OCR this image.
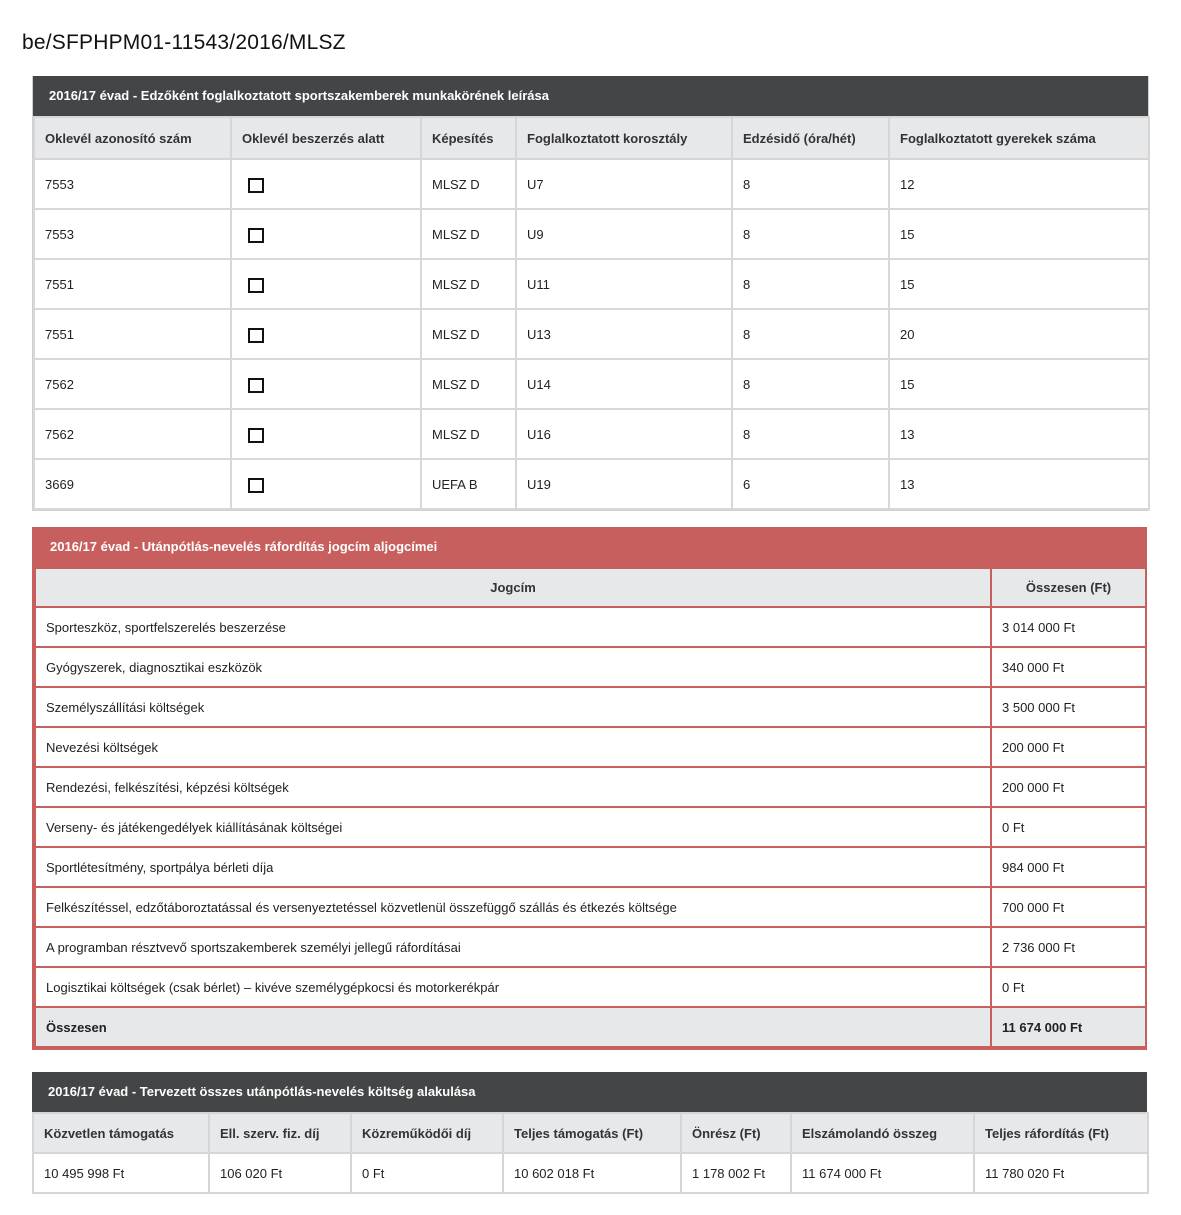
be/SFPHPM01-11543/2016/MLSZ
2016/17 évad - Edzőként foglalkoztatott sportszakemberek munkakörének leírása
Oklevél azonosító szám	Oklevél beszerzés alatt	Képesítés	Foglalkoztatott korosztály	Edzésidő (óra/hét)	Foglalkoztatott gyerekek száma
7553		MLSZ D	U7	8	12
7553		MLSZ D	U9	8	15
7551		MLSZ D	U11	8	15
7551		MLSZ D	U13	8	20
7562		MLSZ D	U14	8	15
7562		MLSZ D	U16	8	13
3669		UEFA B	U19	6	13
2016/17 évad - Utánpótlás-nevelés ráfordítás jogcím aljogcímei
Jogcím	Összesen (Ft)
Sporteszköz, sportfelszerelés beszerzése	3 014 000 Ft
Gyógyszerek, diagnosztikai eszközök	340 000 Ft
Személyszállítási költségek	3 500 000 Ft
Nevezési költségek	200 000 Ft
Rendezési, felkészítési, képzési költségek	200 000 Ft
Verseny- és játékengedélyek kiállításának költségei	0 Ft
Sportlétesítmény, sportpálya bérleti díja	984 000 Ft
Felkészítéssel, edzőtáboroztatással és versenyeztetéssel közvetlenül összefüggő szállás és étkezés költsége	700 000 Ft
A programban résztvevő sportszakemberek személyi jellegű ráfordításai	2 736 000 Ft
Logisztikai költségek (csak bérlet) – kivéve személygépkocsi és motorkerékpár	0 Ft
Összesen	11 674 000 Ft
2016/17 évad - Tervezett összes utánpótlás-nevelés költség alakulása
Közvetlen támogatás	Ell. szerv. fiz. díj	Közreműködői díj	Teljes támogatás (Ft)	Önrész (Ft)	Elszámolandó összeg	Teljes ráfordítás (Ft)
10 495 998 Ft	106 020 Ft	0 Ft	10 602 018 Ft	1 178 002 Ft	11 674 000 Ft	11 780 020 Ft
